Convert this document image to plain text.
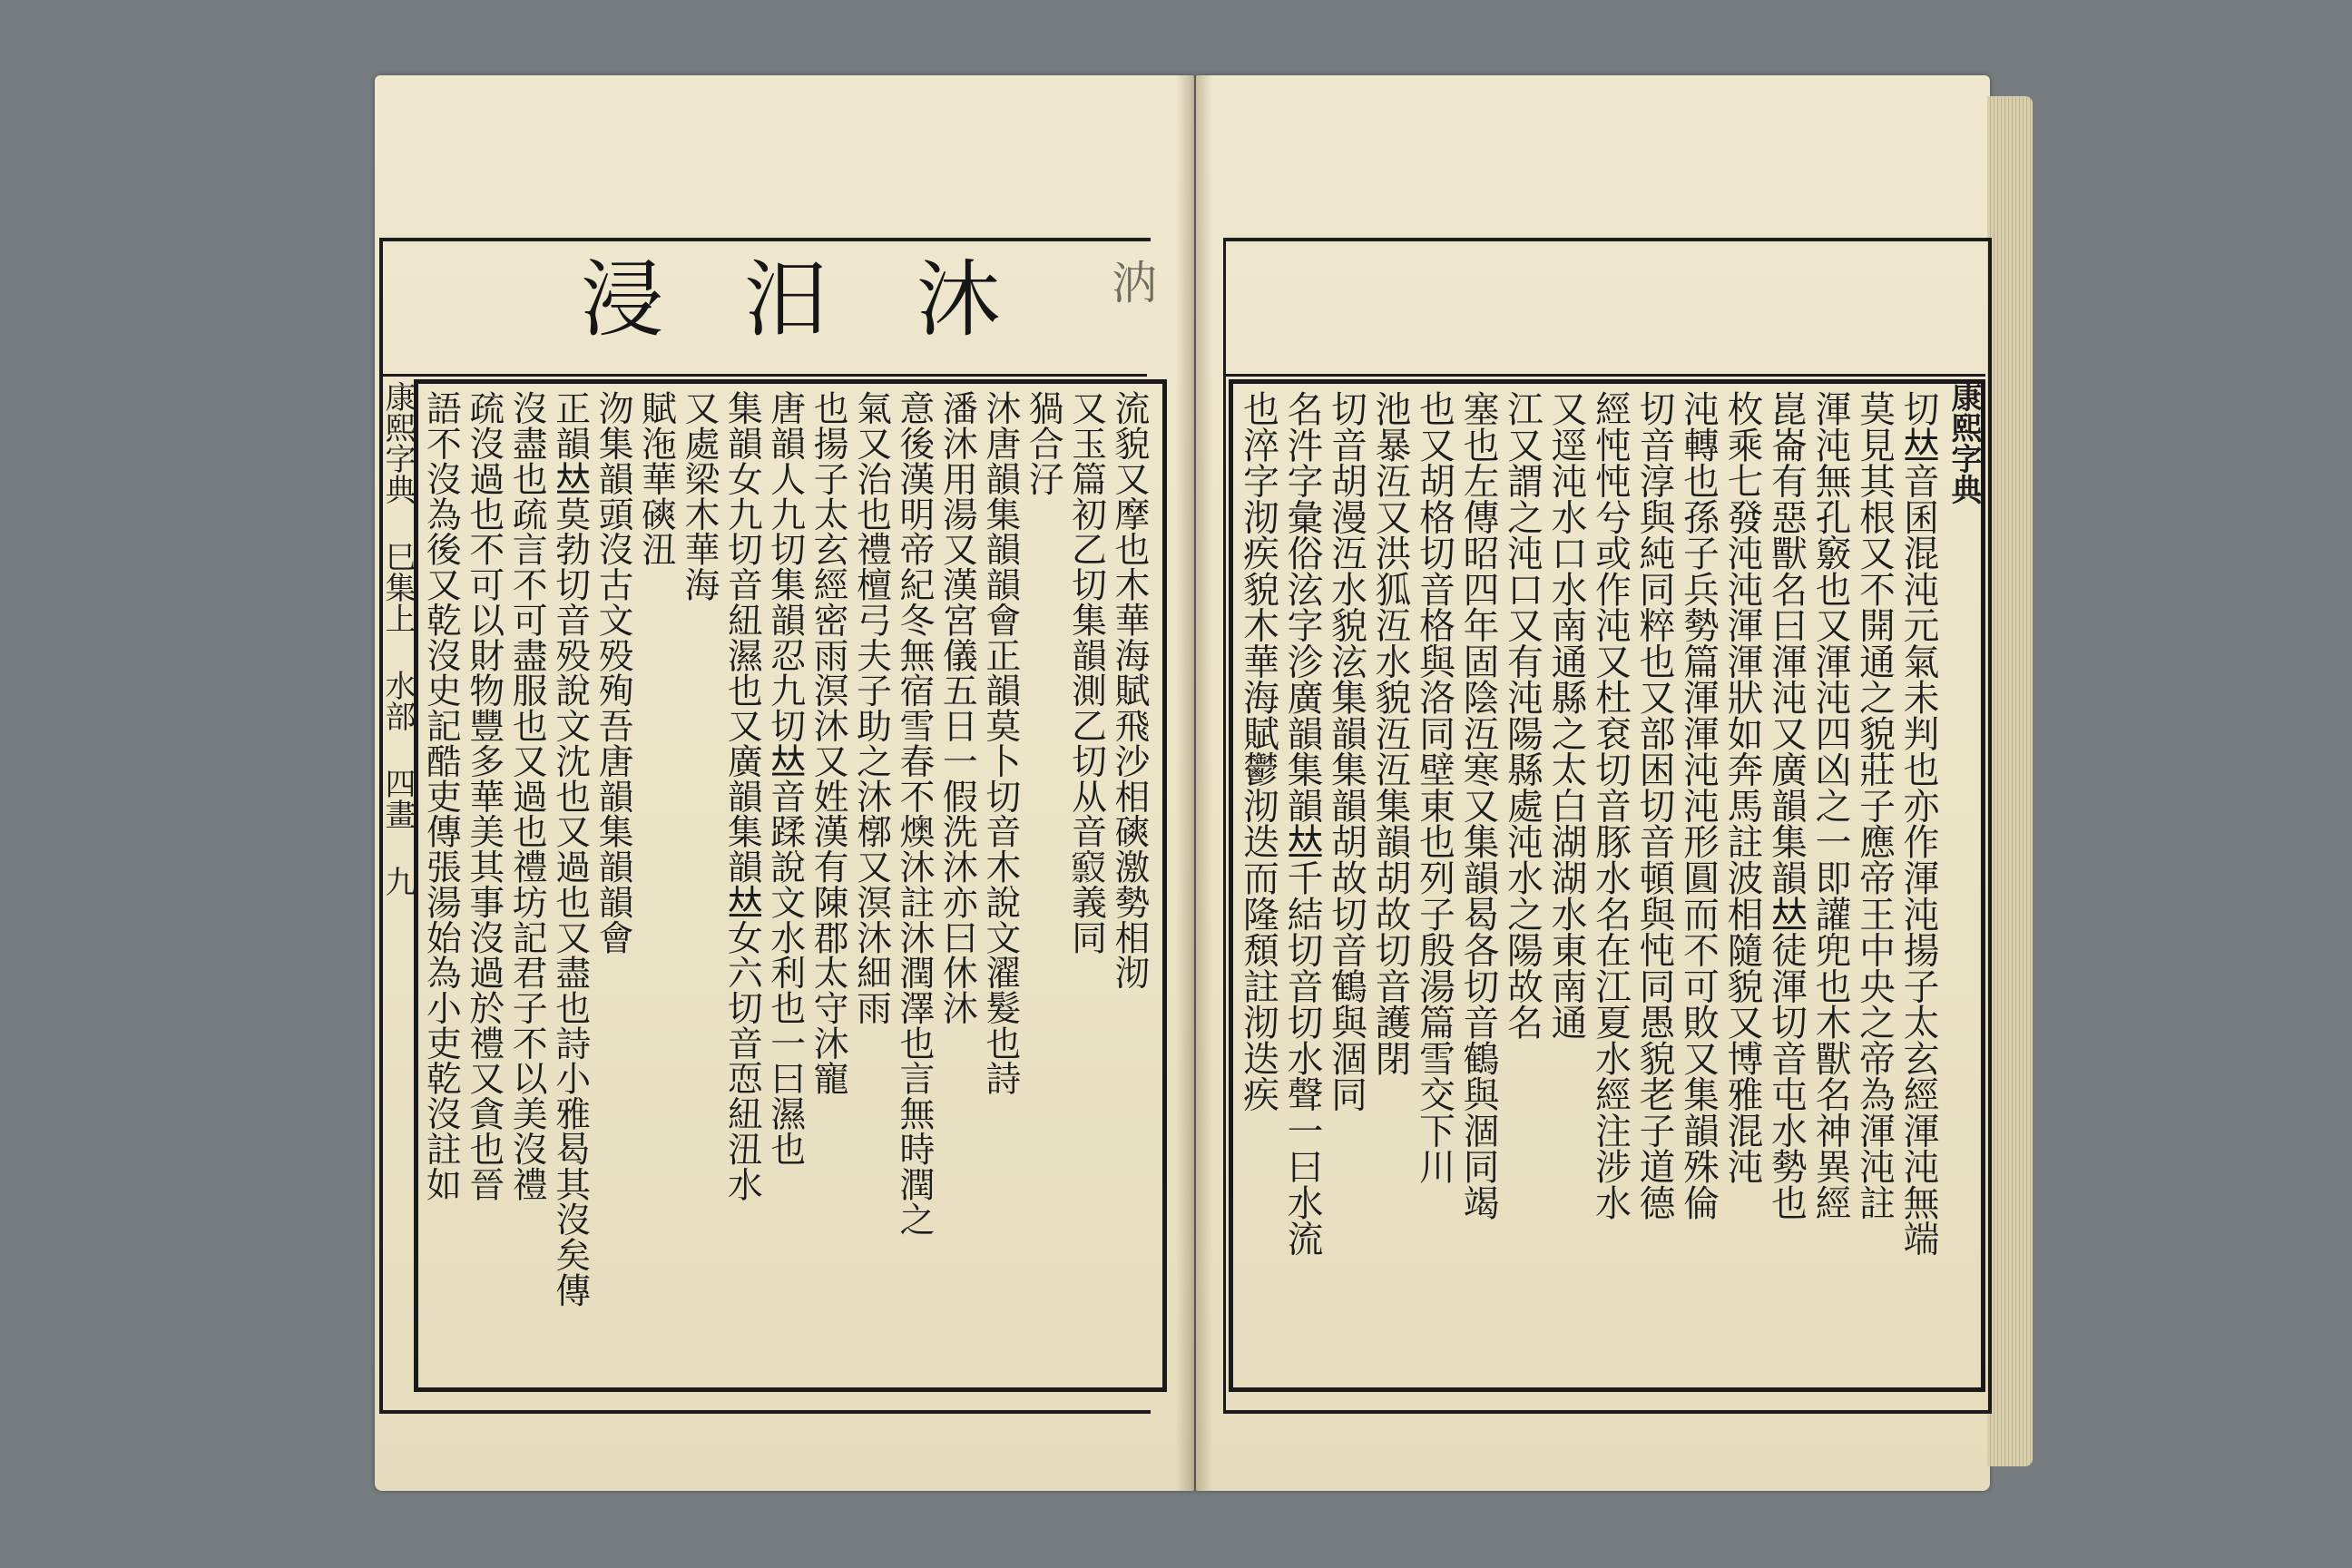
沐
汨
浸	汭
康熙字典 巳集上 水部 四畫 九
康熙字典
流貌又摩也木華海賦飛沙相磢激勢相沏
又玉篇初乙切集韻測乙切从音𥨒義同
猧合汓
沐唐韻集韻韻會正韻莫卜切音木說文濯髮也詩
潘沐用湯又漢宮儀五日一假洗沐亦曰休沐
意後漢明帝紀冬無宿雪春不燠沐註沐潤澤也言無時潤之
氣又治也禮檀弓夫子助之沐槨又溟沐細雨
也揚子太玄經密雨溟沐又姓漢有陳郡太守沐寵
唐韻人九切集韻忍九切𠀤音蹂說文水利也一曰濕也
集韻女九切音紐濕也又廣韻集韻𠀤女六切音恧紐沑水
又處梁木華海
賦沲華磢沑
沕集韻頭沒古文殁殉吾唐韻集韻韻會
正韻𠀤莫勃切音殁說文沈也又過也又盡也詩小雅曷其沒矣傳
沒盡也疏言不可盡服也又過也禮坊記君子不以美沒禮
疏沒過也不可以財物豐多華美其事沒過於禮又貪也晉
語不沒為後又乾沒史記酷吏傳張湯始為小吏乾沒註如	切𠀤音囷混沌元氣未判也亦作渾沌揚子太玄經渾沌無端
莫見其根又不開通之貌莊子應帝王中央之帝為渾沌註
渾沌無孔竅也又渾沌四凶之一即讙兜也木獸名神異經
崑崙有惡獸名曰渾沌又廣韻集韻𠀤徒渾切音屯水勢也
枚乘七發沌沌渾渾狀如奔馬註波相隨貌又博雅混沌
沌轉也孫子兵勢篇渾渾沌沌形圓而不可敗又集韻殊倫
切音淳與純同粹也又部困切音頓與忳同愚貌老子道德
經忳忳兮或作沌又杜袞切音豚水名在江夏水經注涉水
又逕沌水口水南通縣之太白湖湖水東南通
江又謂之沌口又有沌陽縣處沌水之陽故名
塞也左傳昭四年固陰沍寒又集韻曷各切音鶴與涸同竭
也又胡格切音格與洛同壁東也列子殷湯篇雪交下川
池暴沍又洪狐沍水貌沍沍集韻胡故切音護閉
切音胡漫沍水貌泫集韻集韻胡故切音鶴與涸同
名汼字彙俗泫字沴廣韻集韻𠀤千結切音切水聲一曰水流
也淬字沏疾貌木華海賦鬱沏迭而隆頹註沏迭疾
